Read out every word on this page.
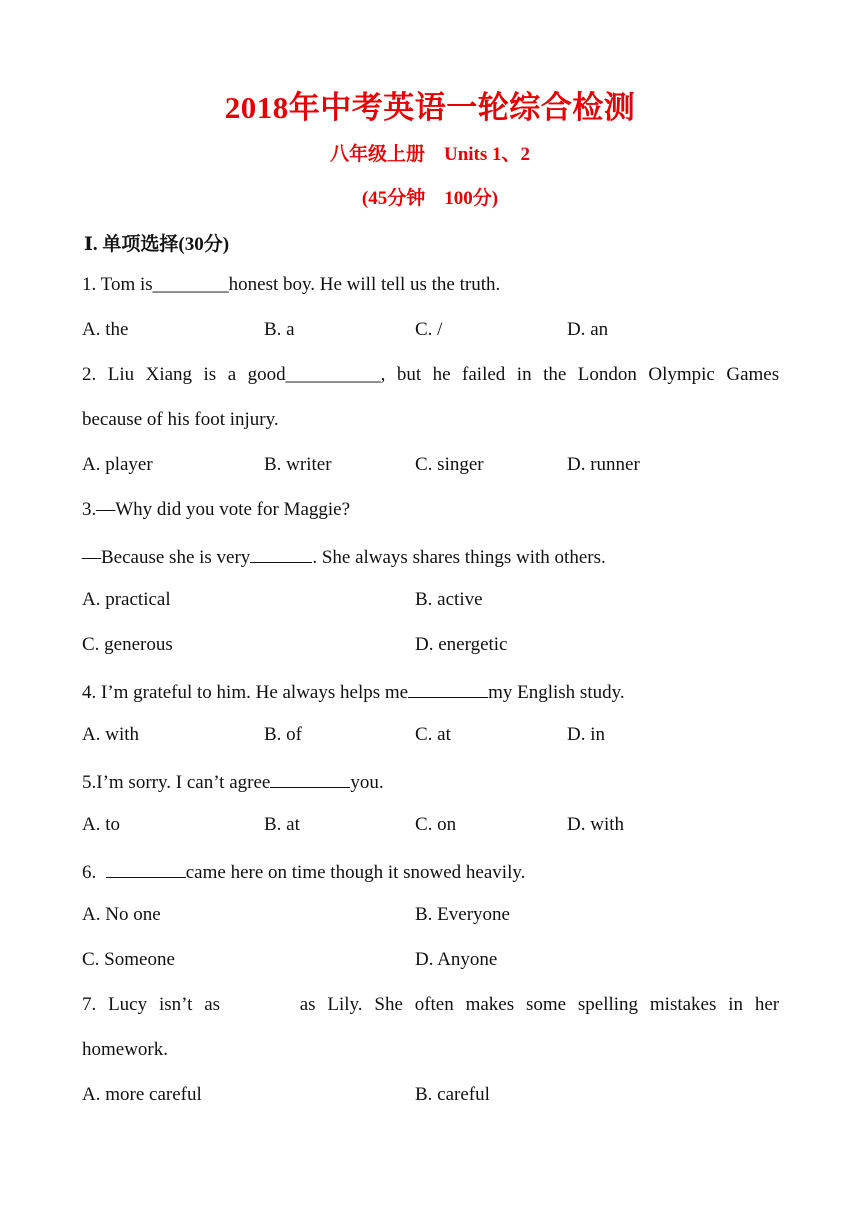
2018年中考英语一轮综合检测
八年级上册　Units 1、2
(45分钟　100分)
Ⅰ. 单项选择(30分)
1. Tom is________honest boy. He will tell us the truth.
A. the	B. a	C. /	D. an
2. Liu Xiang is a good__________, but he failed in the London Olympic Games
because of his foot injury.
A. player	B. writer	C. singer	D. runner
3.—Why did you vote for Maggie?
—Because she is very	. She always shares things with others.
A. practical	B. active
C. generous	D. energetic
4. I’m grateful to him. He always helps me	my English study.
A. with	B. of	C. at	D. in
5.I’m sorry. I can’t agree	you.
A. to	B. at	C. on	D. with
6.	came here on time though it snowed heavily.
A. No one	B. Everyone
C. Someone	D. Anyone
7. Lucy isn’t as	as Lily. She often makes some spelling mistakes in her
homework.
A. more careful	B. careful
